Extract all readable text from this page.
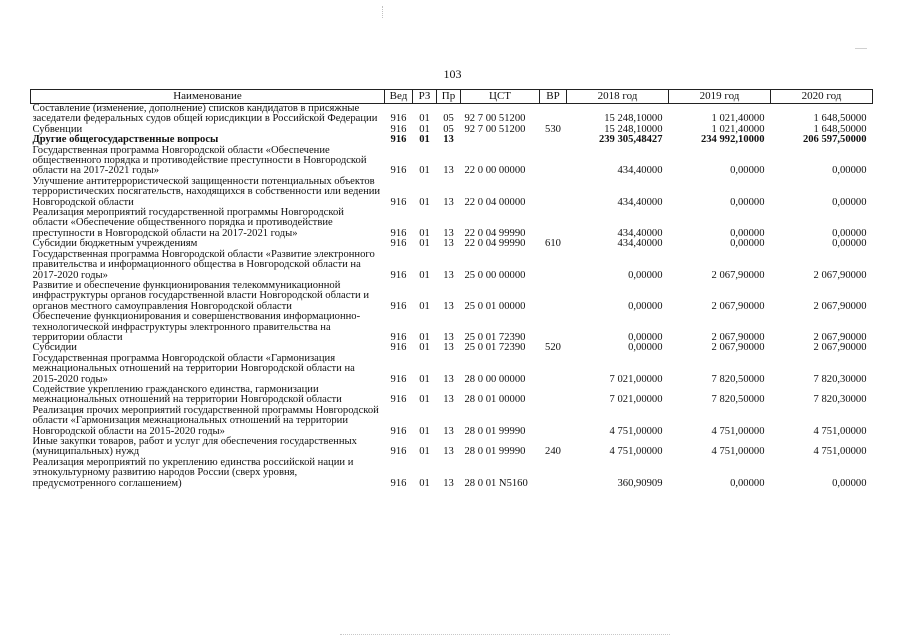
103
Наименование	Вед	РЗ	Пр	ЦСТ	ВР	2018 год	2019 год	2020 год
Составление (изменение, дополнение) списков кандидатов в присяжные заседатели федеральных судов общей юрисдикции в Российской Федерации	916	01	05	92 7 00 51200		15 248,10000	1 021,40000	1 648,50000
Субвенции	916	01	05	92 7 00 51200	530	15 248,10000	1 021,40000	1 648,50000
Другие общегосударственные вопросы	916	01	13			239 305,48427	234 992,10000	206 597,50000
Государственная программа Новгородской области «Обеспечение общественного порядка и противодействие преступности в Новгородской области на 2017-2021 годы»	916	01	13	22 0 00 00000		434,40000	0,00000	0,00000
Улучшение антитеррористической защищенности потенциальных объектов террористических посягательств, находящихся в собственности или ведении Новгородской области	916	01	13	22 0 04 00000		434,40000	0,00000	0,00000
Реализация мероприятий государственной программы Новгородской области «Обеспечение общественного порядка и противодействие преступности в Новгородской области на 2017-2021 годы»	916	01	13	22 0 04 99990		434,40000	0,00000	0,00000
Субсидии бюджетным учреждениям	916	01	13	22 0 04 99990	610	434,40000	0,00000	0,00000
Государственная программа Новгородской области «Развитие электронного правительства и информационного общества в Новгородской области на 2017-2020 годы»	916	01	13	25 0 00 00000		0,00000	2 067,90000	2 067,90000
Развитие и обеспечение функционирования телекоммуникационной инфраструктуры органов государственной власти Новгородской области и органов местного самоуправления Новгородской области	916	01	13	25 0 01 00000		0,00000	2 067,90000	2 067,90000
Обеспечение функционирования и совершенствования информационно- технологической инфраструктуры электронного правительства на территории области	916	01	13	25 0 01 72390		0,00000	2 067,90000	2 067,90000
Субсидии	916	01	13	25 0 01 72390	520	0,00000	2 067,90000	2 067,90000
Государственная программа Новгородской области «Гармонизация межнациональных отношений на территории Новгородской области на 2015-2020 годы»	916	01	13	28 0 00 00000		7 021,00000	7 820,50000	7 820,30000
Содействие укреплению гражданского единства, гармонизации межнациональных отношений на территории Новгородской области	916	01	13	28 0 01 00000		7 021,00000	7 820,50000	7 820,30000
Реализация прочих мероприятий государственной программы Новгородской области «Гармонизация межнациональных отношений на территории Новгородской области на 2015-2020 годы»	916	01	13	28 0 01 99990		4 751,00000	4 751,00000	4 751,00000
Иные закупки товаров, работ и услуг для обеспечения государственных (муниципальных) нужд	916	01	13	28 0 01 99990	240	4 751,00000	4 751,00000	4 751,00000
Реализация мероприятий по укреплению единства российской нации и этнокультурному развитию народов России (сверх уровня, предусмотренного соглашением)	916	01	13	28 0 01 N5160		360,90909	0,00000	0,00000
